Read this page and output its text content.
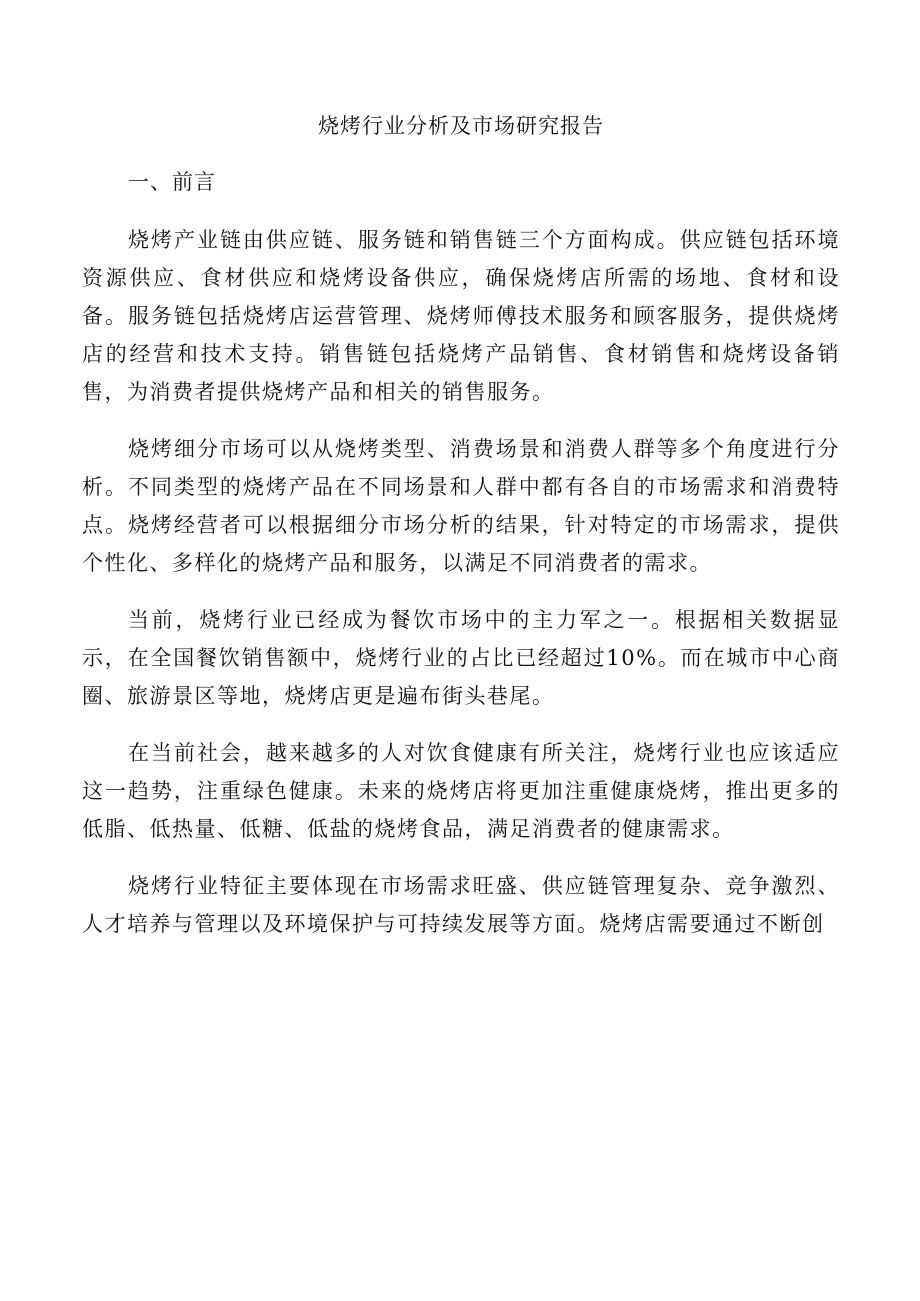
烧烤行业分析及市场研究报告
一、前言

烧烤产业链由供应链、服务链和销售链三个方面构成。供应链包括环境资源供应、食材供应和烧烤设备供应，确保烧烤店所需的场地、食材和设备。服务链包括烧烤店运营管理、烧烤师傅技术服务和顾客服务，提供烧烤店的经营和技术支持。销售链包括烧烤产品销售、食材销售和烧烤设备销售，为消费者提供烧烤产品和相关的销售服务。

烧烤细分市场可以从烧烤类型、消费场景和消费人群等多个角度进行分析。不同类型的烧烤产品在不同场景和人群中都有各自的市场需求和消费特点。烧烤经营者可以根据细分市场分析的结果，针对特定的市场需求，提供个性化、多样化的烧烤产品和服务，以满足不同消费者的需求。

当前，烧烤行业已经成为餐饮市场中的主力军之一。根据相关数据显示，在全国餐饮销售额中，烧烤行业的占比已经超过10%。而在城市中心商圈、旅游景区等地，烧烤店更是遍布街头巷尾。

在当前社会，越来越多的人对饮食健康有所关注，烧烤行业也应该适应这一趋势，注重绿色健康。未来的烧烤店将更加注重健康烧烤，推出更多的低脂、低热量、低糖、低盐的烧烤食品，满足消费者的健康需求。

烧烤行业特征主要体现在市场需求旺盛、供应链管理复杂、竞争激烈、人才培养与管理以及环境保护与可持续发展等方面。烧烤店需要通过不断创
